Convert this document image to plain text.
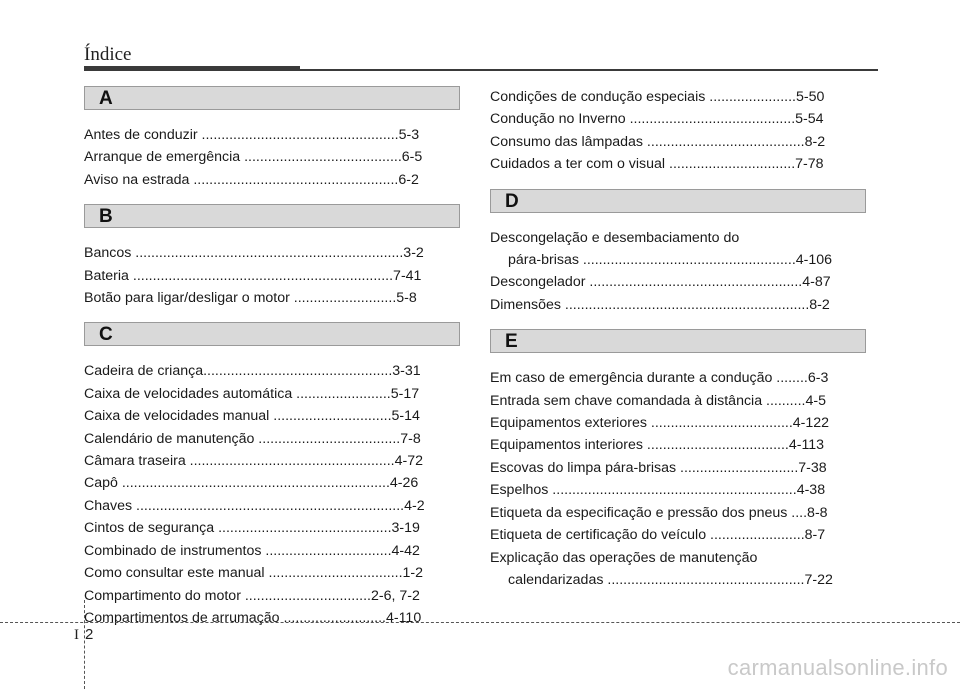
Índice
A
Antes de conduzir ..................................................5-3
Arranque de emergência ........................................6-5
Aviso na estrada ....................................................6-2
B
Bancos ....................................................................3-2
Bateria ..................................................................7-41
Botão para ligar/desligar o motor ..........................5-8
C
Cadeira de criança................................................3-31
Caixa de velocidades automática ........................5-17
Caixa de velocidades manual ..............................5-14
Calendário de manutenção ....................................7-8
Câmara traseira ....................................................4-72
Capô ....................................................................4-26
Chaves ....................................................................4-2
Cintos de segurança ............................................3-19
Combinado de instrumentos ................................4-42
Como consultar este manual ..................................1-2
Compartimento do motor ................................2-6, 7-2
Compartimentos de arrumação ..........................4-110
Condições de condução especiais ......................5-50
Condução no Inverno ..........................................5-54
Consumo das lâmpadas ........................................8-2
Cuidados a ter com o visual ................................7-78
D
Descongelação e desembaciamento do
pára-brisas ......................................................4-106
Descongelador ......................................................4-87
Dimensões ..............................................................8-2
E
Em caso de emergência durante a condução ........6-3
Entrada sem chave comandada à distância ..........4-5
Equipamentos exteriores ....................................4-122
Equipamentos interiores ....................................4-113
Escovas do limpa pára-brisas ..............................7-38
Espelhos ..............................................................4-38
Etiqueta da especificação e pressão dos pneus ....8-8
Etiqueta de certificação do veículo ........................8-7
Explicação das operações de manutenção
calendarizadas ..................................................7-22
I 2
carmanualsonline.info
